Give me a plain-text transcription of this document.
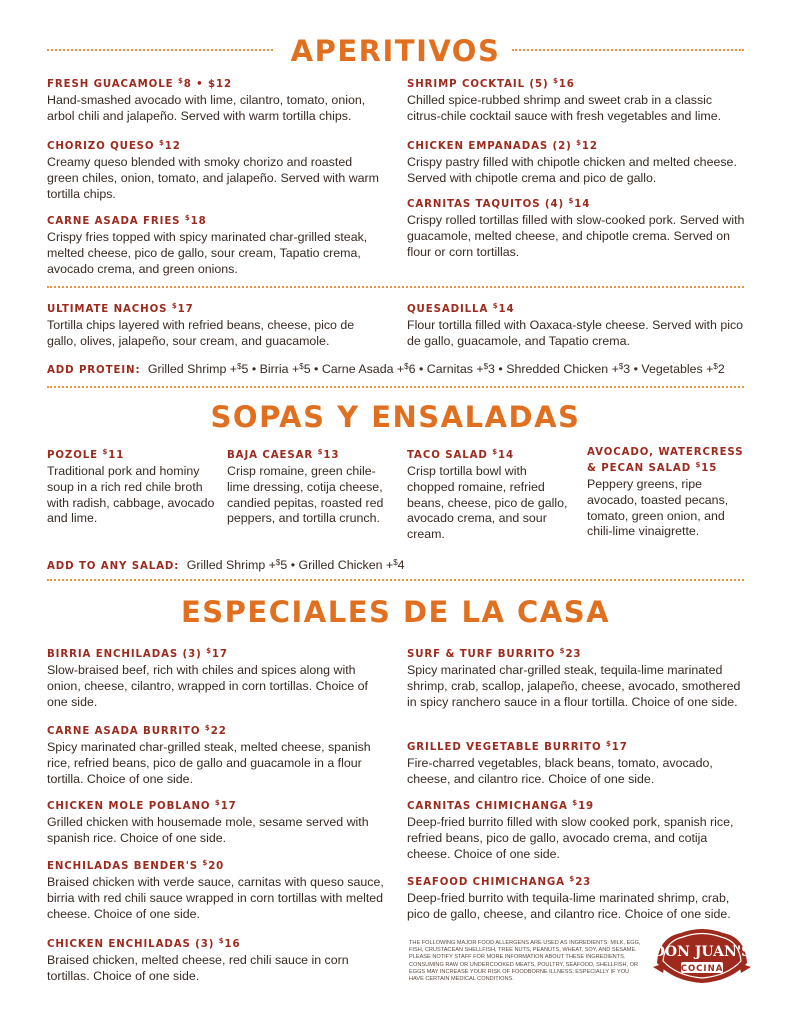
APERITIVOS
FRESH GUACAMOLE $8 • $12

Hand-smashed avocado with lime, cilantro, tomato, onion, arbol chili and jalapeño. Served with warm tortilla chips.

CHORIZO QUESO $12

Creamy queso blended with smoky chorizo and roasted green chiles, onion, tomato, and jalapeño. Served with warm tortilla chips.

CARNE ASADA FRIES $18

Crispy fries topped with spicy marinated char-grilled steak, melted cheese, pico de gallo, sour cream, Tapatio crema, avocado crema, and green onions.

SHRIMP COCKTAIL (5) $16

Chilled spice-rubbed shrimp and sweet crab in a classic citrus-chile cocktail sauce with fresh vegetables and lime.

CHICKEN EMPANADAS (2) $12

Crispy pastry filled with chipotle chicken and melted cheese. Served with chipotle crema and pico de gallo.

CARNITAS TAQUITOS (4) $14

Crispy rolled tortillas filled with slow-cooked pork. Served with guacamole, melted cheese, and chipotle crema. Served on flour or corn tortillas.

ULTIMATE NACHOS $17

Tortilla chips layered with refried beans, cheese, pico de gallo, olives, jalapeño, sour cream, and guacamole.

QUESADILLA $14

Flour tortilla filled with Oaxaca-style cheese. Served with pico de gallo, guacamole, and Tapatio crema.

ADD PROTEIN: Grilled Shrimp +$5 • Birria +$5 • Carne Asada +$6 • Carnitas +$3 • Shredded Chicken +$3 • Vegetables +$2
SOPAS Y ENSALADAS
POZOLE $11

Traditional pork and hominy soup in a rich red chile broth with radish, cabbage, avocado and lime.

BAJA CAESAR $13

Crisp romaine, green chile-lime dressing, cotija cheese, candied pepitas, roasted red peppers, and tortilla crunch.

TACO SALAD $14

Crisp tortilla bowl with chopped romaine, refried beans, cheese, pico de gallo, avocado crema, and sour cream.

AVOCADO, WATERCRESS & PECAN SALAD $15

Peppery greens, ripe avocado, toasted pecans, tomato, green onion, and chili-lime vinaigrette.

ADD TO ANY SALAD: Grilled Shrimp +$5 • Grilled Chicken +$4
ESPECIALES DE LA CASA
BIRRIA ENCHILADAS (3) $17

Slow-braised beef, rich with chiles and spices along with onion, cheese, cilantro, wrapped in corn tortillas. Choice of one side.

CARNE ASADA BURRITO $22

Spicy marinated char-grilled steak, melted cheese, spanish rice, refried beans, pico de gallo and guacamole in a flour tortilla. Choice of one side.

CHICKEN MOLE POBLANO $17

Grilled chicken with housemade mole, sesame served with spanish rice. Choice of one side.

ENCHILADAS BENDER'S $20

Braised chicken with verde sauce, carnitas with queso sauce, birria with red chili sauce wrapped in corn tortillas with melted cheese. Choice of one side.

CHICKEN ENCHILADAS (3) $16

Braised chicken, melted cheese, red chili sauce in corn tortillas. Choice of one side.

SURF & TURF BURRITO $23

Spicy marinated char-grilled steak, tequila-lime marinated shrimp, crab, scallop, jalapeño, cheese, avocado, smothered in spicy ranchero sauce in a flour tortilla. Choice of one side.

GRILLED VEGETABLE BURRITO $17

Fire-charred vegetables, black beans, tomato, avocado, cheese, and cilantro rice. Choice of one side.

CARNITAS CHIMICHANGA $19

Deep-fried burrito filled with slow cooked pork, spanish rice, refried beans, pico de gallo, avocado crema, and cotija cheese. Choice of one side.

SEAFOOD CHIMICHANGA $23

Deep-fried burrito with tequila-lime marinated shrimp, crab, pico de gallo, cheese, and cilantro rice. Choice of one side.

THE FOLLOWING MAJOR FOOD ALLERGENS ARE USED AS INGREDIENTS: MILK, EGG, FISH, CRUSTACEAN SHELLFISH, TREE NUTS, PEANUTS, WHEAT, SOY, AND SESAME. PLEASE NOTIFY STAFF FOR MORE INFORMATION ABOUT THESE INGREDIENTS. CONSUMING RAW OR UNDERCOOKED MEATS, POULTRY, SEAFOOD, SHELLFISH, OR EGGS MAY INCREASE YOUR RISK OF FOODBORNE ILLNESS, ESPECIALLY IF YOU HAVE CERTAIN MEDICAL CONDITIONS.
DON JUAN'S
COCINA
